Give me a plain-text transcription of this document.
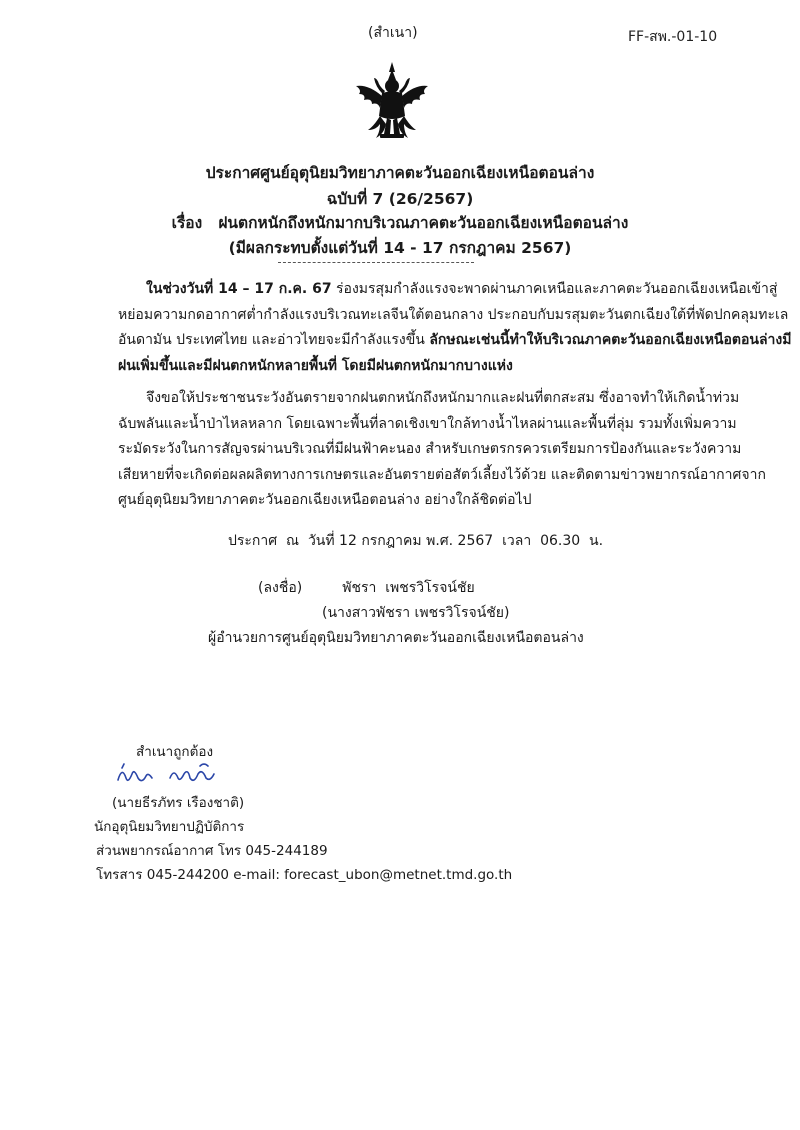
(สำเนา)	FF-สพ.-01-10
ประกาศศูนย์อุตุนิยมวิทยาภาคตะวันออกเฉียงเหนือตอนล่าง
ฉบับที่ 7 (26/2567)
เรื่อง   ฝนตกหนักถึงหนักมากบริเวณภาคตะวันออกเฉียงเหนือตอนล่าง
(มีผลกระทบตั้งแต่วันที่ 14 - 17 กรกฎาคม 2567)
ในช่วงวันที่ 14 – 17 ก.ค. 67 ร่องมรสุมกำลังแรงจะพาดผ่านภาคเหนือและภาคตะวันออกเฉียงเหนือเข้าสู่
หย่อมความกดอากาศต่ำกำลังแรงบริเวณทะเลจีนใต้ตอนกลาง ประกอบกับมรสุมตะวันตกเฉียงใต้ที่พัดปกคลุมทะเล
อันดามัน ประเทศไทย และอ่าวไทยจะมีกำลังแรงขึ้น ลักษณะเช่นนี้ทำให้บริเวณภาคตะวันออกเฉียงเหนือตอนล่างมี
ฝนเพิ่มขึ้นและมีฝนตกหนักหลายพื้นที่ โดยมีฝนตกหนักมากบางแห่ง
จึงขอให้ประชาชนระวังอันตรายจากฝนตกหนักถึงหนักมากและฝนที่ตกสะสม ซึ่งอาจทำให้เกิดน้ำท่วม
ฉับพลันและน้ำป่าไหลหลาก โดยเฉพาะพื้นที่ลาดเชิงเขาใกล้ทางน้ำไหลผ่านและพื้นที่ลุ่ม รวมทั้งเพิ่มความ
ระมัดระวังในการสัญจรผ่านบริเวณที่มีฝนฟ้าคะนอง สำหรับเกษตรกรควรเตรียมการป้องกันและระวังความ
เสียหายที่จะเกิดต่อผลผลิตทางการเกษตรและอันตรายต่อสัตว์เลี้ยงไว้ด้วย และติดตามข่าวพยากรณ์อากาศจาก
ศูนย์อุตุนิยมวิทยาภาคตะวันออกเฉียงเหนือตอนล่าง อย่างใกล้ชิดต่อไป
ประกาศ  ณ  วันที่ 12 กรกฎาคม พ.ศ. 2567  เวลา  06.30  น.
(ลงชื่อ)	พัชรา  เพชรวิโรจน์ชัย
(นางสาวพัชรา เพชรวิโรจน์ชัย)
ผู้อำนวยการศูนย์อุตุนิยมวิทยาภาคตะวันออกเฉียงเหนือตอนล่าง
สำเนาถูกต้อง
(นายธีรภัทร เรืองชาติ)
นักอุตุนิยมวิทยาปฏิบัติการ
ส่วนพยากรณ์อากาศ โทร 045-244189
โทรสาร 045-244200 e-mail: forecast_ubon@metnet.tmd.go.th
